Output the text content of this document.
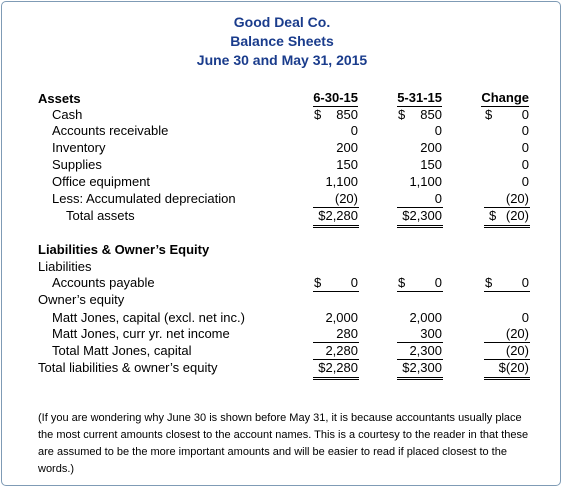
Good Deal Co.
Balance Sheets
June 30 and May 31, 2015
Assets	6-30-15	5-31-15	Change
Cash	$ 850	$ 850	$ 0
Accounts receivable	0	0	0
Inventory	200	200	0
Supplies	150	150	0
Office equipment	1,100	1,100	0
Less: Accumulated depreciation	(20)	0	(20)
Total assets	$2,280	$2,300	$ (20)
Liabilities & Owner’s Equity
Liabilities
Accounts payable	$ 0	$ 0	$ 0
Owner’s equity
Matt Jones, capital (excl. net inc.)	2,000	2,000	0
Matt Jones, curr yr. net income	280	300	(20)
Total Matt Jones, capital	2,280	2,300	(20)
Total liabilities & owner’s equity	$2,280	$2,300	$(20)
(If you are wondering why June 30 is shown before May 31, it is because accountants usually place the most current amounts closest to the account names. This is a courtesy to the reader in that these are assumed to be the more important amounts and will be easier to read if placed closest to the words.)
